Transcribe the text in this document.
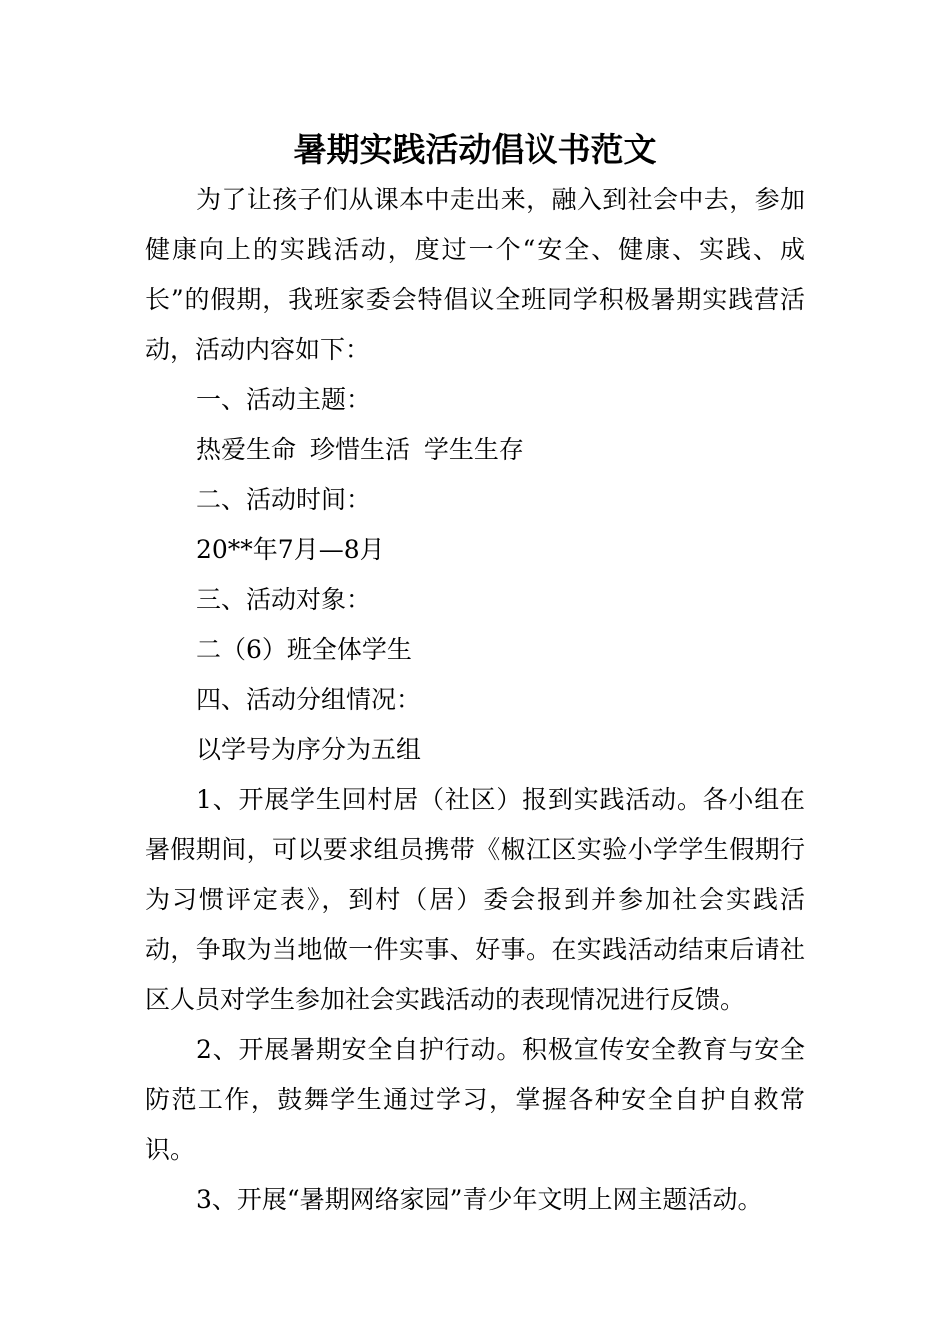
暑期实践活动倡议书范文

为了让孩子们从课本中走出来，融入到社会中去，参加健康向上的实践活动，度过一个“安全、健康、实践、成长”的假期，我班家委会特倡议全班同学积极暑期实践营活动，活动内容如下：

一、活动主题：

热爱生命 珍惜生活 学生生存

二、活动时间：

20**年7月—8月

三、活动对象：

二（6）班全体学生

四、活动分组情况：

以学号为序分为五组

1、开展学生回村居（社区）报到实践活动。各小组在暑假期间，可以要求组员携带《椒江区实验小学学生假期行为习惯评定表》，到村（居）委会报到并参加社会实践活动，争取为当地做一件实事、好事。在实践活动结束后请社区人员对学生参加社会实践活动的表现情况进行反馈。

2、开展暑期安全自护行动。积极宣传安全教育与安全防范工作，鼓舞学生通过学习，掌握各种安全自护自救常识。

3、开展“暑期网络家园”青少年文明上网主题活动。
